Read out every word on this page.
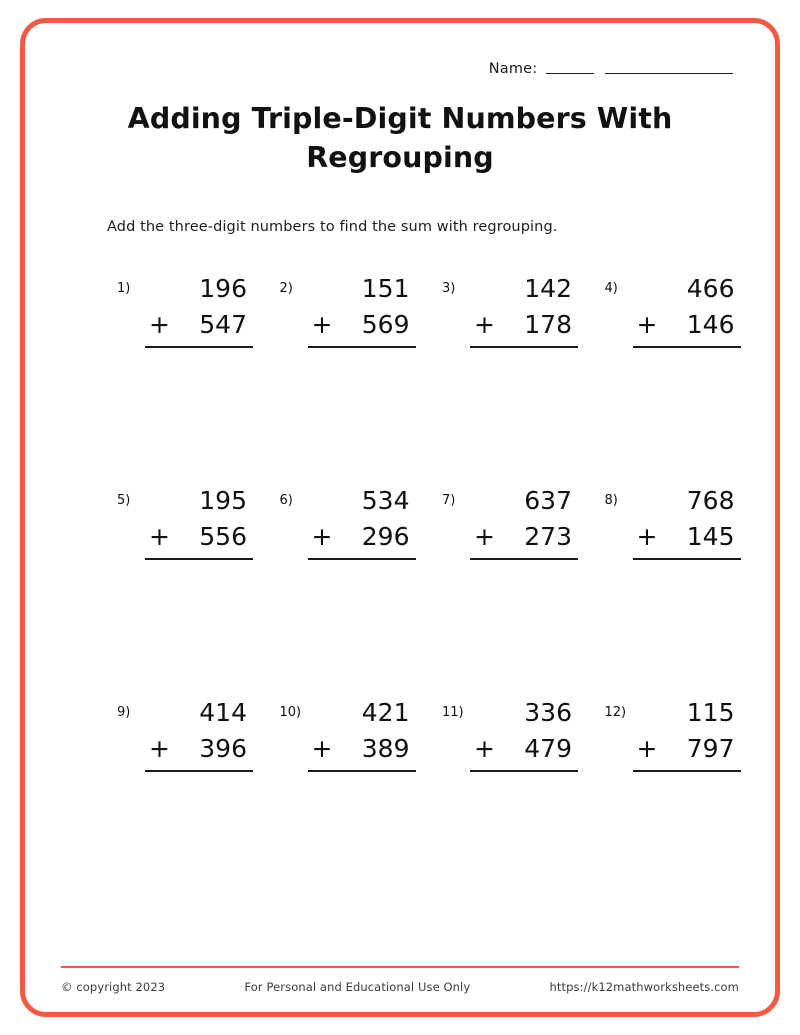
Name:
Adding Triple-Digit Numbers With Regrouping
Add the three-digit numbers to find the sum with regrouping.
1)	196
+ 547
2)	151
+ 569
3)	142
+ 178
4)	466
+ 146
5)	195
+ 556
6)	534
+ 296
7)	637
+ 273
8)	768
+ 145
9)	414
+ 396
10)	421
+ 389
11)	336
+ 479
12)	115
+ 797
© copyright 2023	For Personal and Educational Use Only	https://k12mathworksheets.com
